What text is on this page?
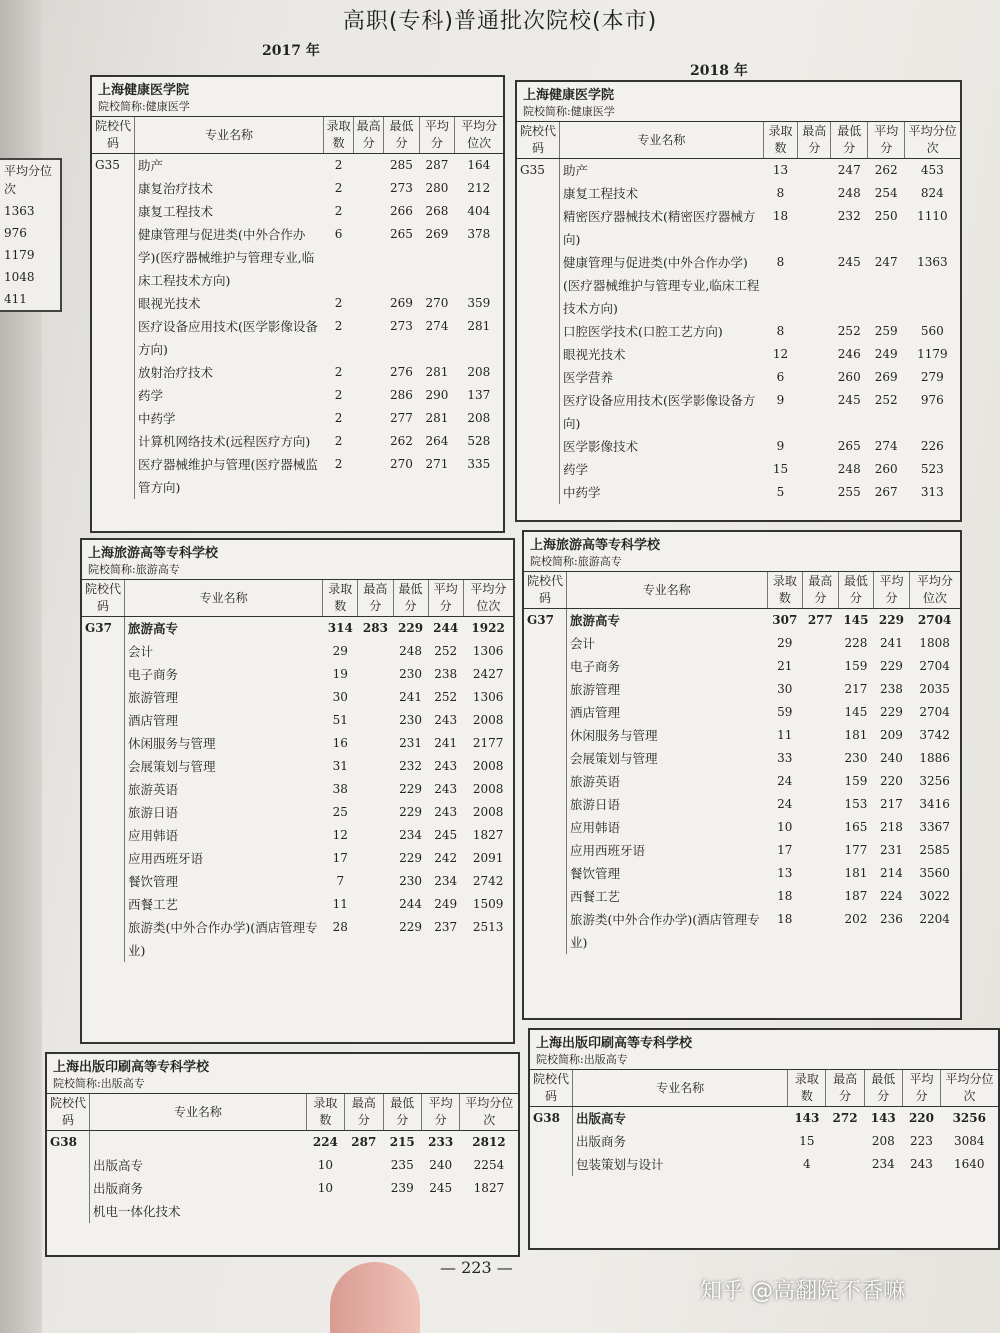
平均分位次
1363
976
1179
1048
411
高职(专科)普通批次院校(本市)
2017 年
2018 年
上海健康医学院
院校简称:健康医学
院校代码	专业名称	录取数	最高分	最低分	平均分	平均分位次
G35	助产	2		285	287	164
	康复治疗技术	2		273	280	212
	康复工程技术	2		266	268	404
	健康管理与促进类(中外合作办学)(医疗器械维护与管理专业,临床工程技术方向)	6		265	269	378
	眼视光技术	2		269	270	359
	医疗设备应用技术(医学影像设备方向)	2		273	274	281
	放射治疗技术	2		276	281	208
	药学	2		286	290	137
	中药学	2		277	281	208
	计算机网络技术(远程医疗方向)	2		262	264	528
	医疗器械维护与管理(医疗器械监管方向)	2		270	271	335
上海健康医学院
院校简称:健康医学
院校代码	专业名称	录取数	最高分	最低分	平均分	平均分位次
G35	助产	13		247	262	453
	康复工程技术	8		248	254	824
	精密医疗器械技术(精密医疗器械方向)	18		232	250	1110
	健康管理与促进类(中外合作办学)(医疗器械维护与管理专业,临床工程技术方向)	8		245	247	1363
	口腔医学技术(口腔工艺方向)	8		252	259	560
	眼视光技术	12		246	249	1179
	医学营养	6		260	269	279
	医疗设备应用技术(医学影像设备方向)	9		245	252	976
	医学影像技术	9		265	274	226
	药学	15		248	260	523
	中药学	5		255	267	313
上海旅游高等专科学校
院校简称:旅游高专
院校代码	专业名称	录取数	最高分	最低分	平均分	平均分位次
G37	旅游高专	314	283	229	244	1922
	会计	29		248	252	1306
	电子商务	19		230	238	2427
	旅游管理	30		241	252	1306
	酒店管理	51		230	243	2008
	休闲服务与管理	16		231	241	2177
	会展策划与管理	31		232	243	2008
	旅游英语	38		229	243	2008
	旅游日语	25		229	243	2008
	应用韩语	12		234	245	1827
	应用西班牙语	17		229	242	2091
	餐饮管理	7		230	234	2742
	西餐工艺	11		244	249	1509
	旅游类(中外合作办学)(酒店管理专业)	28		229	237	2513
上海旅游高等专科学校
院校简称:旅游高专
院校代码	专业名称	录取数	最高分	最低分	平均分	平均分位次
G37	旅游高专	307	277	145	229	2704
	会计	29		228	241	1808
	电子商务	21		159	229	2704
	旅游管理	30		217	238	2035
	酒店管理	59		145	229	2704
	休闲服务与管理	11		181	209	3742
	会展策划与管理	33		230	240	1886
	旅游英语	24		159	220	3256
	旅游日语	24		153	217	3416
	应用韩语	10		165	218	3367
	应用西班牙语	17		177	231	2585
	餐饮管理	13		181	214	3560
	西餐工艺	18		187	224	3022
	旅游类(中外合作办学)(酒店管理专业)	18		202	236	2204
上海出版印刷高等专科学校
院校简称:出版高专
院校代码	专业名称	录取数	最高分	最低分	平均分	平均分位次
G38		224	287	215	233	2812
	出版高专	10		235	240	2254
	出版商务	10		239	245	1827
	机电一体化技术					
上海出版印刷高等专科学校
院校简称:出版高专
院校代码	专业名称	录取数	最高分	最低分	平均分	平均分位次
G38	出版高专	143	272	143	220	3256
	出版商务	15		208	223	3084
	包装策划与设计	4		234	243	1640
— 223 —
知乎 @高翻院不香嘛
